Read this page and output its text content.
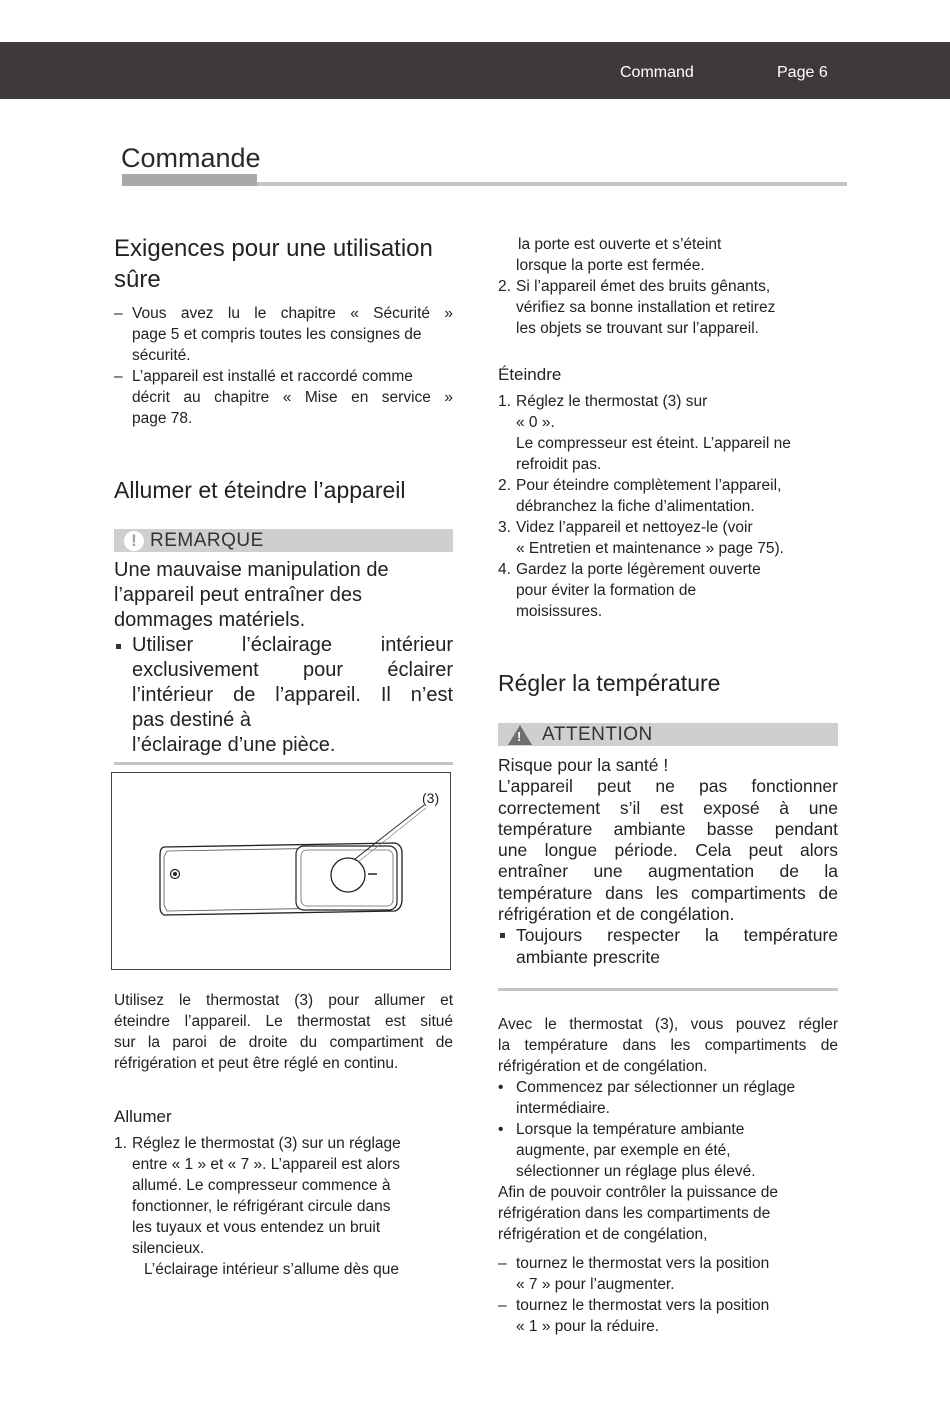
Command	Page 6
Commande
Exigences pour une utilisation
sûre
– Vous avez lu le chapitre « Sécurité »
page 5 et compris toutes les consignes de
sécurité.
– L’appareil est installé et raccordé comme
décrit au chapitre « Mise en service »
page 78.
Allumer et éteindre l’appareil
! REMARQUE
Une mauvaise manipulation de
l’appareil peut entraîner des
dommages matériels.
Utiliser l’éclairage intérieur
exclusivement pour éclairer
l’intérieur de l’appareil. Il n’est
pas destiné à
l’éclairage d’une pièce.
(3)
Utilisez le thermostat (3) pour allumer et
éteindre l’appareil. Le thermostat est situé
sur la paroi de droite du compartiment de
réfrigération et peut être réglé en continu.
Allumer
1. Réglez le thermostat (3) sur un réglage
entre « 1 » et « 7 ». L’appareil est alors
allumé. Le compresseur commence à
fonctionner, le réfrigérant circule dans
les tuyaux et vous entendez un bruit
silencieux.
L’éclairage intérieur s’allume dès que
la porte est ouverte et s’éteint
lorsque la porte est fermée.
2. Si l’appareil émet des bruits gênants,
vérifiez sa bonne installation et retirez
les objets se trouvant sur l’appareil.
Éteindre
1. Réglez le thermostat (3) sur
« 0 ».
Le compresseur est éteint. L’appareil ne
refroidit pas.
2. Pour éteindre complètement l’appareil,
débranchez la fiche d’alimentation.
3. Videz l’appareil et nettoyez-le (voir
« Entretien et maintenance » page 75).
4. Gardez la porte légèrement ouverte
pour éviter la formation de
moisissures.
Régler la température
! ATTENTION
Risque pour la santé !
L’appareil peut ne pas fonctionner
correctement s’il est exposé à une
température ambiante basse pendant
une longue période. Cela peut alors
entraîner une augmentation de la
température dans les compartiments de
réfrigération et de congélation.
Toujours respecter la température
ambiante prescrite
Avec le thermostat (3), vous pouvez régler
la température dans les compartiments de
réfrigération et de congélation.
• Commencez par sélectionner un réglage
intermédiaire.
• Lorsque la température ambiante
augmente, par exemple en été,
sélectionner un réglage plus élevé.
Afin de pouvoir contrôler la puissance de
réfrigération dans les compartiments de
réfrigération et de congélation,
– tournez le thermostat vers la position
« 7 » pour l’augmenter.
– tournez le thermostat vers la position
« 1 » pour la réduire.
